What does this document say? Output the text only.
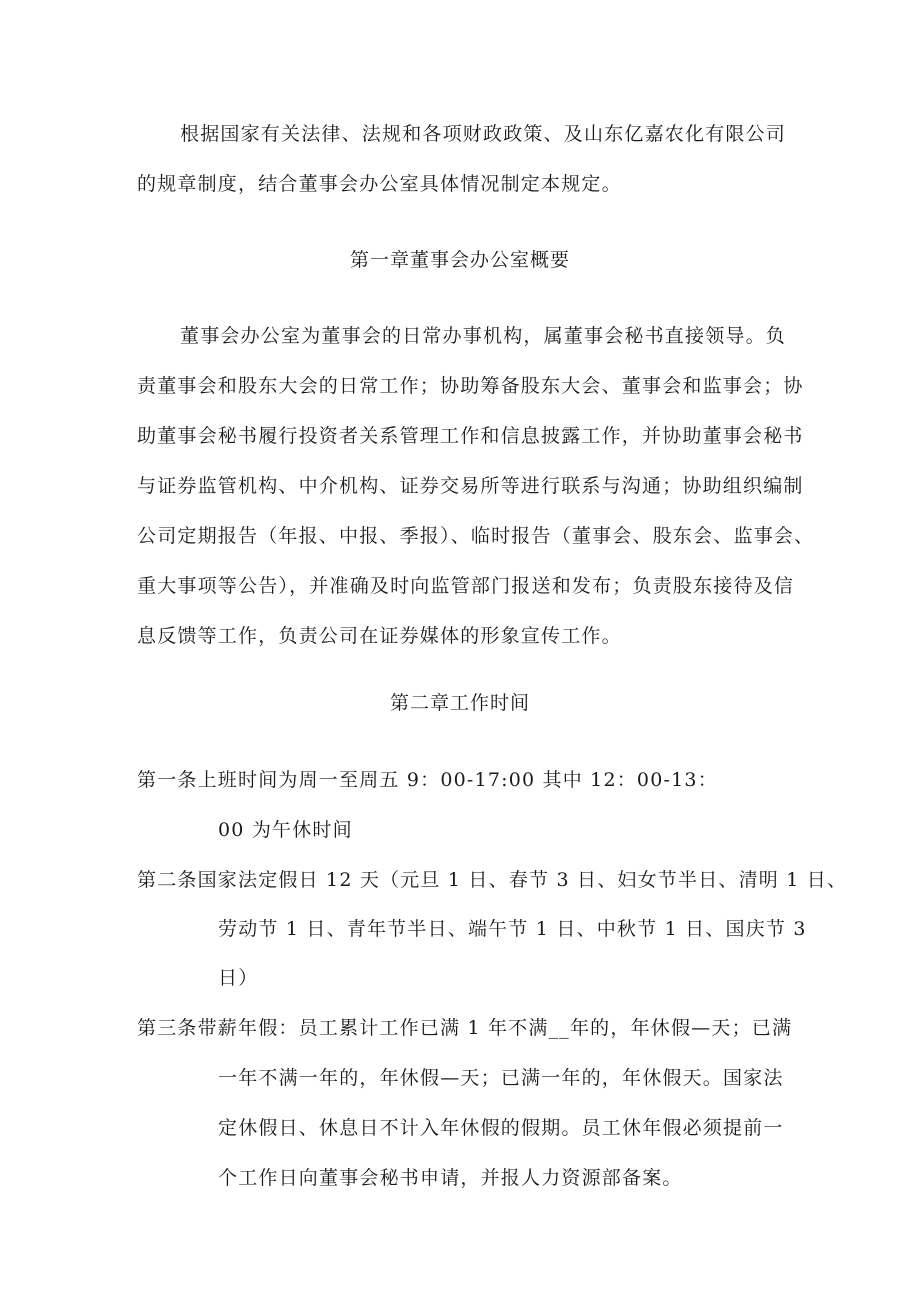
根据国家有关法律、法规和各项财政政策、及山东亿嘉农化有限公司
的规章制度，结合董事会办公室具体情况制定本规定。
第一章董事会办公室概要
董事会办公室为董事会的日常办事机构，属董事会秘书直接领导。负
责董事会和股东大会的日常工作；协助筹备股东大会、董事会和监事会；协
助董事会秘书履行投资者关系管理工作和信息披露工作，并协助董事会秘书
与证券监管机构、中介机构、证券交易所等进行联系与沟通；协助组织编制
公司定期报告（年报、中报、季报）、临时报告（董事会、股东会、监事会、
重大事项等公告），并准确及时向监管部门报送和发布；负责股东接待及信
息反馈等工作，负责公司在证券媒体的形象宣传工作。
第二章工作时间
第一条上班时间为周一至周五 9：00-17:00 其中 12：00-13：
00 为午休时间
第二条国家法定假日 12 天（元旦 1 日、春节 3 日、妇女节半日、清明 1 日、
劳动节 1 日、青年节半日、端午节 1 日、中秋节 1 日、国庆节 3
日）
第三条带薪年假：员工累计工作已满 1 年不满__年的，年休假—天；已满
一年不满一年的，年休假—天；已满一年的，年休假天。国家法
定休假日、休息日不计入年休假的假期。员工休年假必须提前一
个工作日向董事会秘书申请，并报人力资源部备案。
